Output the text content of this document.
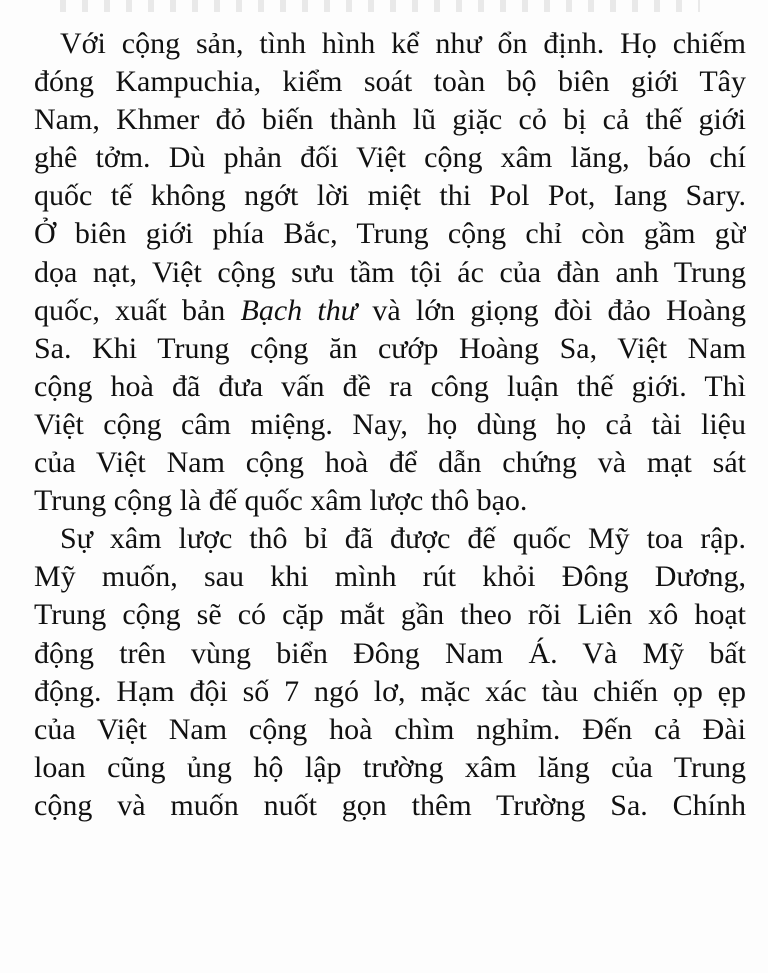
Với cộng sản, tình hình kể như ổn định. Họ chiếm
đóng Kampuchia, kiểm soát toàn bộ biên giới Tây
Nam, Khmer đỏ biến thành lũ giặc cỏ bị cả thế giới
ghê tởm. Dù phản đối Việt cộng xâm lăng, báo chí
quốc tế không ngớt lời miệt thi Pol Pot, Iang Sary.
Ở biên giới phía Bắc, Trung cộng chỉ còn gầm gừ
dọa nạt, Việt cộng sưu tầm tội ác của đàn anh Trung
quốc, xuất bản Bạch thư và lớn giọng đòi đảo Hoàng
Sa. Khi Trung cộng ăn cướp Hoàng Sa, Việt Nam
cộng hoà đã đưa vấn đề ra công luận thế giới. Thì
Việt cộng câm miệng. Nay, họ dùng họ cả tài liệu
của Việt Nam cộng hoà để dẫn chứng và mạt sát
Trung cộng là đế quốc xâm lược thô bạo.
Sự xâm lược thô bỉ đã được đế quốc Mỹ toa rập.
Mỹ muốn, sau khi mình rút khỏi Đông Dương,
Trung cộng sẽ có cặp mắt gần theo rõi Liên xô hoạt
động trên vùng biển Đông Nam Á. Và Mỹ bất
động. Hạm đội số 7 ngó lơ, mặc xác tàu chiến ọp ẹp
của Việt Nam cộng hoà chìm nghỉm. Đến cả Đài
loan cũng ủng hộ lập trường xâm lăng của Trung
cộng và muốn nuốt gọn thêm Trường Sa. Chính
